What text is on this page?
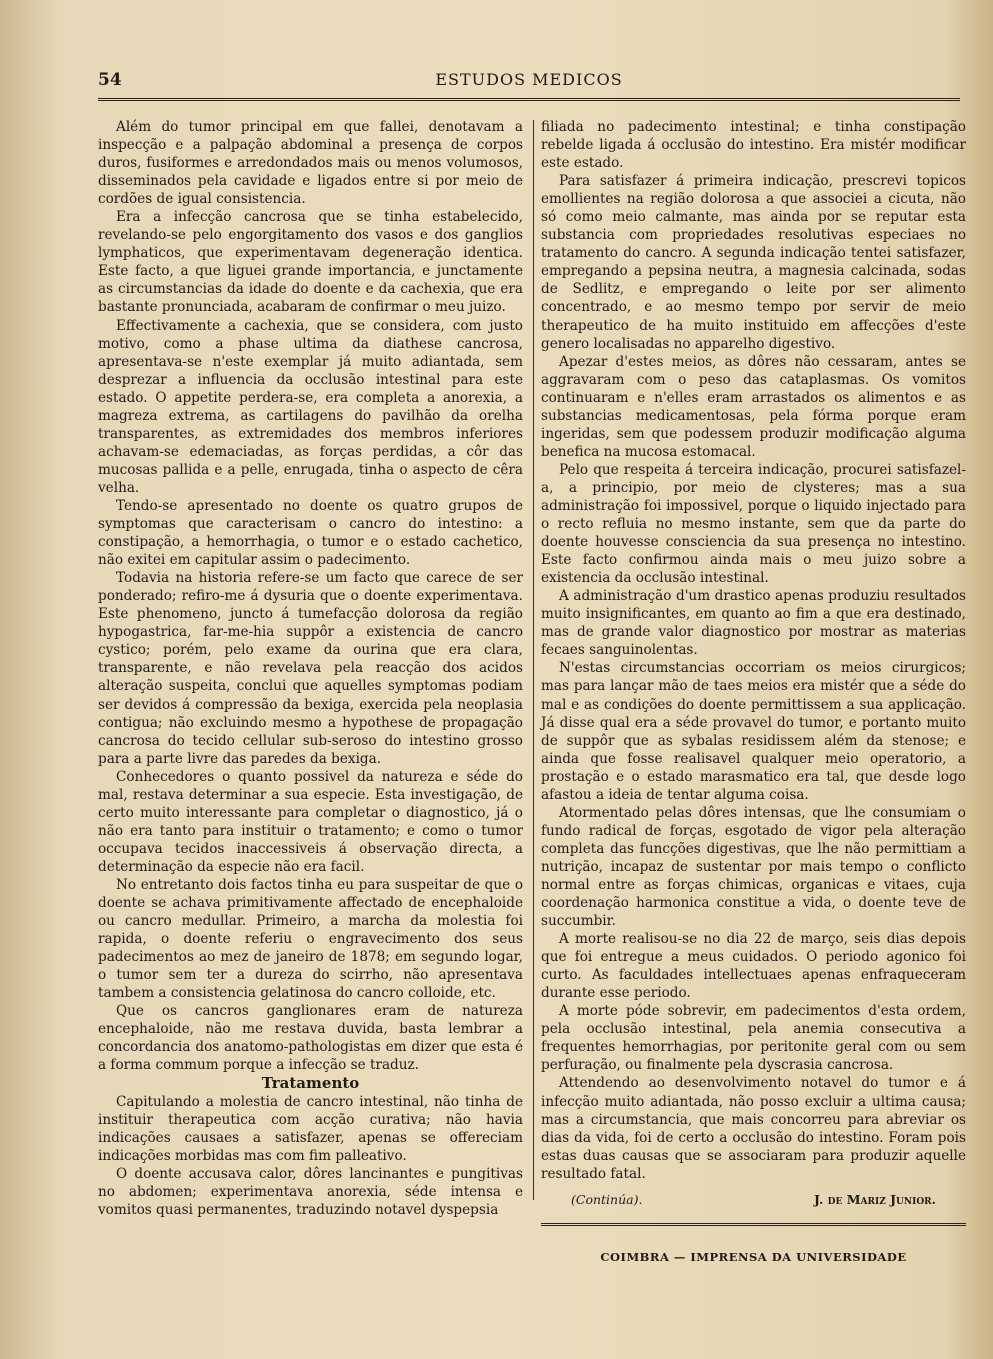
54	ESTUDOS MEDICOS

Além do tumor principal em que fallei, denotavam a inspecção e a palpação abdominal a presença de corpos duros, fusiformes e arredondados mais ou menos volumosos, disseminados pela cavidade e ligados entre si por meio de cordões de igual consistencia.

Era a infecção cancrosa que se tinha estabelecido, revelando-se pelo engorgitamento dos vasos e dos ganglios lymphaticos, que experimentavam degeneração identica. Este facto, a que liguei grande importancia, e junctamente as circumstancias da idade do doente e da cachexia, que era bastante pronunciada, acabaram de confirmar o meu juizo.

Effectivamente a cachexia, que se considera, com justo motivo, como a phase ultima da diathese cancrosa, apresentava-se n'este exemplar já muito adiantada, sem desprezar a influencia da occlusão intestinal para este estado. O appetite perdera-se, era completa a anorexia, a magreza extrema, as cartilagens do pavilhão da orelha transparentes, as extremidades dos membros inferiores achavam-se edemaciadas, as forças perdidas, a côr das mucosas pallida e a pelle, enrugada, tinha o aspecto de cêra velha.

Tendo-se apresentado no doente os quatro grupos de symptomas que caracterisam o cancro do intestino: a constipação, a hemorrhagia, o tumor e o estado cachetico, não exitei em capitular assim o padecimento.

Todavia na historia refere-se um facto que carece de ser ponderado; refiro-me á dysuria que o doente experimentava. Este phenomeno, juncto á tumefacção dolorosa da região hypogastrica, far-me-hia suppôr a existencia de cancro cystico; porém, pelo exame da ourina que era clara, transparente, e não revelava pela reacção dos acidos alteração suspeita, conclui que aquelles symptomas podiam ser devidos á compressão da bexiga, exercida pela neoplasia contigua; não excluindo mesmo a hypothese de propagação cancrosa do tecido cellular sub-seroso do intestino grosso para a parte livre das paredes da bexiga.

Conhecedores o quanto possivel da natureza e séde do mal, restava determinar a sua especie. Esta investigação, de certo muito interessante para completar o diagnostico, já o não era tanto para instituir o tratamento; e como o tumor occupava tecidos inaccessiveis á observação directa, a determinação da especie não era facil.

No entretanto dois factos tinha eu para suspeitar de que o doente se achava primitivamente affectado de encephaloide ou cancro medullar. Primeiro, a marcha da molestia foi rapida, o doente referiu o engravecimento dos seus padecimentos ao mez de janeiro de 1878; em segundo logar, o tumor sem ter a dureza do scirrho, não apresentava tambem a consistencia gelatinosa do cancro colloide, etc.

Que os cancros ganglionares eram de natureza encephaloide, não me restava duvida, basta lembrar a concordancia dos anatomo-pathologistas em dizer que esta é a forma commum porque a infecção se traduz.

Tratamento

Capitulando a molestia de cancro intestinal, não tinha de instituir therapeutica com acção curativa; não havia indicações causaes a satisfazer, apenas se offereciam indicações morbidas mas com fim palleativo.

O doente accusava calor, dôres lancinantes e pungitivas no abdomen; experimentava anorexia, séde intensa e vomitos quasi permanentes, traduzindo notavel dyspepsia

filiada no padecimento intestinal; e tinha constipação rebelde ligada á occlusão do intestino. Era mistér modificar este estado.

Para satisfazer á primeira indicação, prescrevi topicos emollientes na região dolorosa a que associei a cicuta, não só como meio calmante, mas ainda por se reputar esta substancia com propriedades resolutivas especiaes no tratamento do cancro. A segunda indicação tentei satisfazer, empregando a pepsina neutra, a magnesia calcinada, sodas de Sedlitz, e empregando o leite por ser alimento concentrado, e ao mesmo tempo por servir de meio therapeutico de ha muito instituido em affecções d'este genero localisadas no apparelho digestivo.

Apezar d'estes meios, as dôres não cessaram, antes se aggravaram com o peso das cataplasmas. Os vomitos continuaram e n'elles eram arrastados os alimentos e as substancias medicamentosas, pela fórma porque eram ingeridas, sem que podessem produzir modificação alguma benefica na mucosa estomacal.

Pelo que respeita á terceira indicação, procurei satisfazel-a, a principio, por meio de clysteres; mas a sua administração foi impossivel, porque o liquido injectado para o recto refluia no mesmo instante, sem que da parte do doente houvesse consciencia da sua presença no intestino. Este facto confirmou ainda mais o meu juizo sobre a existencia da occlusão intestinal.

A administração d'um drastico apenas produziu resultados muito insignificantes, em quanto ao fim a que era destinado, mas de grande valor diagnostico por mostrar as materias fecaes sanguinolentas.

N'estas circumstancias occorriam os meios cirurgicos; mas para lançar mão de taes meios era mistér que a séde do mal e as condições do doente permittissem a sua applicação. Já disse qual era a séde provavel do tumor, e portanto muito de suppôr que as sybalas residissem além da stenose; e ainda que fosse realisavel qualquer meio operatorio, a prostação e o estado marasmatico era tal, que desde logo afastou a ideia de tentar alguma coisa.

Atormentado pelas dôres intensas, que lhe consumiam o fundo radical de forças, esgotado de vigor pela alteração completa das funcções digestivas, que lhe não permittiam a nutrição, incapaz de sustentar por mais tempo o conflicto normal entre as forças chimicas, organicas e vitaes, cuja coordenação harmonica constitue a vida, o doente teve de succumbir.

A morte realisou-se no dia 22 de março, seis dias depois que foi entregue a meus cuidados. O periodo agonico foi curto. As faculdades intellectuaes apenas enfraqueceram durante esse periodo.

A morte póde sobrevir, em padecimentos d'esta ordem, pela occlusão intestinal, pela anemia consecutiva a frequentes hemorrhagias, por peritonite geral com ou sem perfuração, ou finalmente pela dyscrasia cancrosa.

Attendendo ao desenvolvimento notavel do tumor e á infecção muito adiantada, não posso excluir a ultima causa; mas a circumstancia, que mais concorreu para abreviar os dias da vida, foi de certo a occlusão do intestino. Foram pois estas duas causas que se associaram para produzir aquelle resultado fatal.

(Continúa).	J. de Mariz Junior.
COIMBRA — IMPRENSA DA UNIVERSIDADE
